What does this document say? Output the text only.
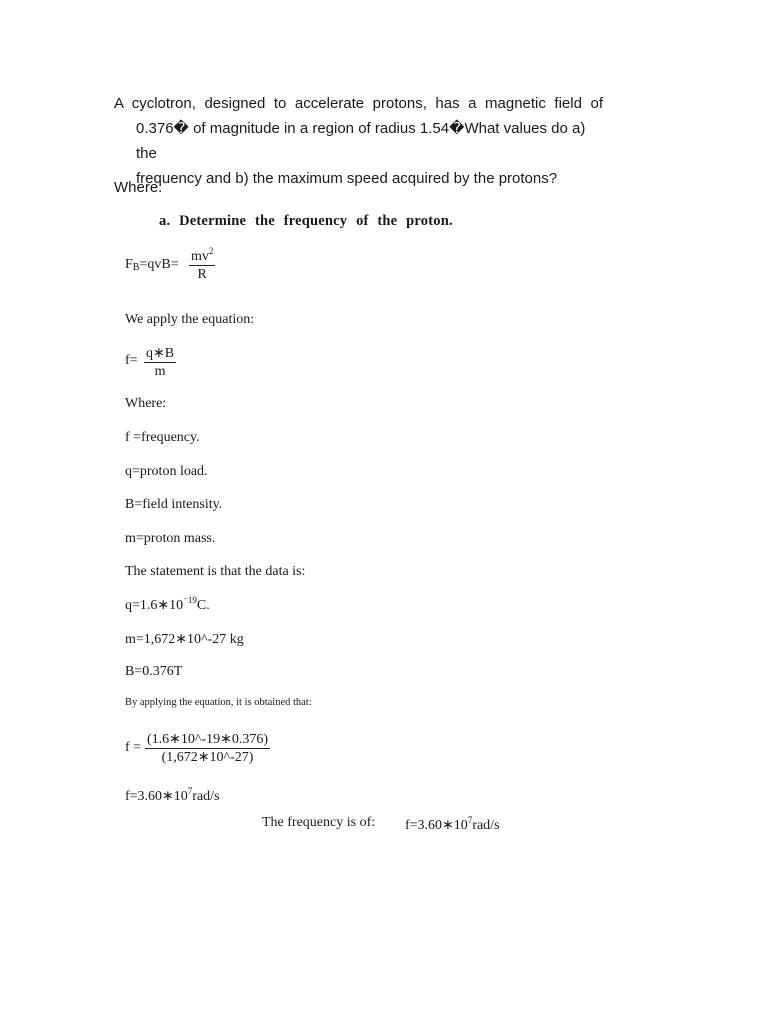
A cyclotron, designed to accelerate protons, has a magnetic field of
0.376� of magnitude in a region of radius 1.54�What values do a) the
frequency and b) the maximum speed acquired by the protons?
Where:
a. Determine the frequency of the proton.
$F_B=qvB= \frac{mv^2}{R}$
We apply the equation:
$f= \frac{q∗B}{m}$
Where:
f =frequency.
q=proton load.
B=field intensity.
m=proton mass.
The statement is that the data is:
$q=1.6∗10^{^-19}C$.
m=1,672∗10^-27 kg
B=0.376T
By applying the equation, it is obtained that:
$f = \frac{(1.6∗10\^{}-19∗0.376)}{(1,672∗10\^{}-27)}$
$f=3.60∗10^7rad/s$
The frequency is of: $f=3.60∗10^7rad/s$
